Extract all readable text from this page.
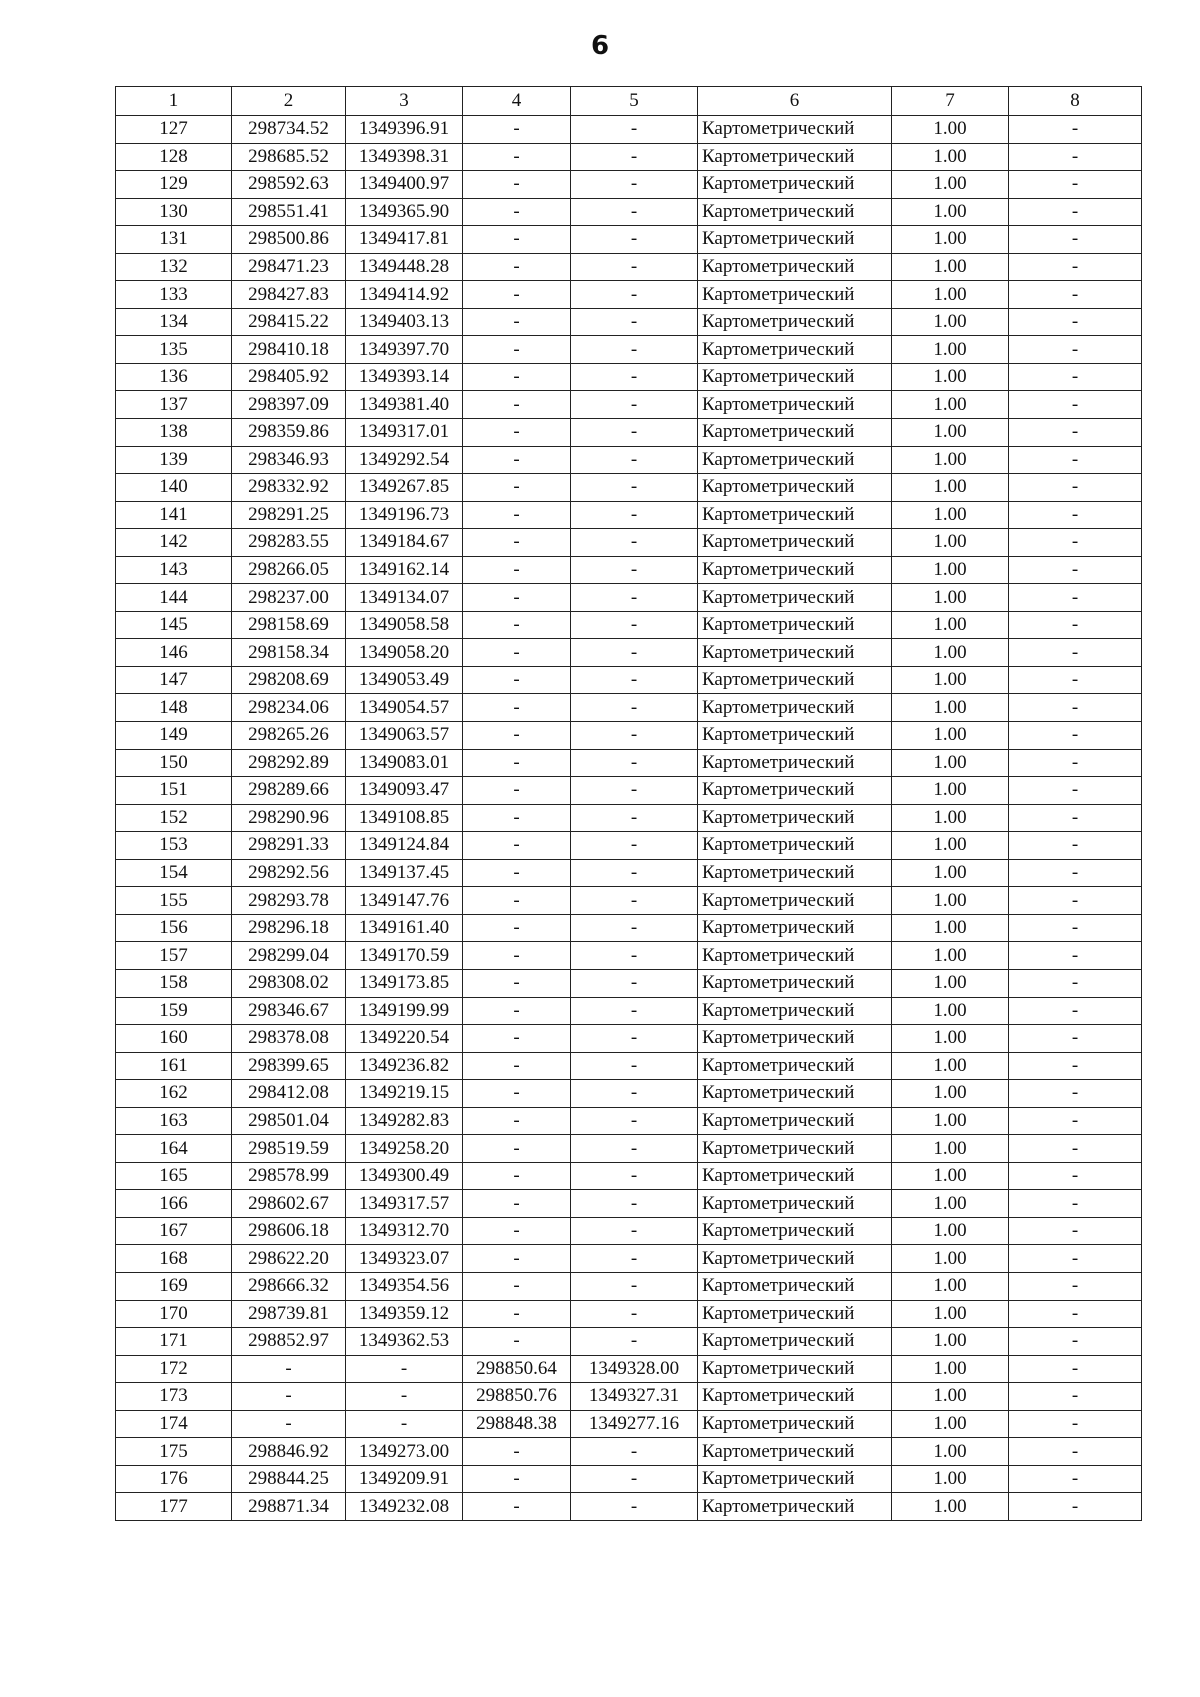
6
1	2	3	4	5	6	7	8
127	298734.52	1349396.91	-	-	Картометрический	1.00	-
128	298685.52	1349398.31	-	-	Картометрический	1.00	-
129	298592.63	1349400.97	-	-	Картометрический	1.00	-
130	298551.41	1349365.90	-	-	Картометрический	1.00	-
131	298500.86	1349417.81	-	-	Картометрический	1.00	-
132	298471.23	1349448.28	-	-	Картометрический	1.00	-
133	298427.83	1349414.92	-	-	Картометрический	1.00	-
134	298415.22	1349403.13	-	-	Картометрический	1.00	-
135	298410.18	1349397.70	-	-	Картометрический	1.00	-
136	298405.92	1349393.14	-	-	Картометрический	1.00	-
137	298397.09	1349381.40	-	-	Картометрический	1.00	-
138	298359.86	1349317.01	-	-	Картометрический	1.00	-
139	298346.93	1349292.54	-	-	Картометрический	1.00	-
140	298332.92	1349267.85	-	-	Картометрический	1.00	-
141	298291.25	1349196.73	-	-	Картометрический	1.00	-
142	298283.55	1349184.67	-	-	Картометрический	1.00	-
143	298266.05	1349162.14	-	-	Картометрический	1.00	-
144	298237.00	1349134.07	-	-	Картометрический	1.00	-
145	298158.69	1349058.58	-	-	Картометрический	1.00	-
146	298158.34	1349058.20	-	-	Картометрический	1.00	-
147	298208.69	1349053.49	-	-	Картометрический	1.00	-
148	298234.06	1349054.57	-	-	Картометрический	1.00	-
149	298265.26	1349063.57	-	-	Картометрический	1.00	-
150	298292.89	1349083.01	-	-	Картометрический	1.00	-
151	298289.66	1349093.47	-	-	Картометрический	1.00	-
152	298290.96	1349108.85	-	-	Картометрический	1.00	-
153	298291.33	1349124.84	-	-	Картометрический	1.00	-
154	298292.56	1349137.45	-	-	Картометрический	1.00	-
155	298293.78	1349147.76	-	-	Картометрический	1.00	-
156	298296.18	1349161.40	-	-	Картометрический	1.00	-
157	298299.04	1349170.59	-	-	Картометрический	1.00	-
158	298308.02	1349173.85	-	-	Картометрический	1.00	-
159	298346.67	1349199.99	-	-	Картометрический	1.00	-
160	298378.08	1349220.54	-	-	Картометрический	1.00	-
161	298399.65	1349236.82	-	-	Картометрический	1.00	-
162	298412.08	1349219.15	-	-	Картометрический	1.00	-
163	298501.04	1349282.83	-	-	Картометрический	1.00	-
164	298519.59	1349258.20	-	-	Картометрический	1.00	-
165	298578.99	1349300.49	-	-	Картометрический	1.00	-
166	298602.67	1349317.57	-	-	Картометрический	1.00	-
167	298606.18	1349312.70	-	-	Картометрический	1.00	-
168	298622.20	1349323.07	-	-	Картометрический	1.00	-
169	298666.32	1349354.56	-	-	Картометрический	1.00	-
170	298739.81	1349359.12	-	-	Картометрический	1.00	-
171	298852.97	1349362.53	-	-	Картометрический	1.00	-
172	-	-	298850.64	1349328.00	Картометрический	1.00	-
173	-	-	298850.76	1349327.31	Картометрический	1.00	-
174	-	-	298848.38	1349277.16	Картометрический	1.00	-
175	298846.92	1349273.00	-	-	Картометрический	1.00	-
176	298844.25	1349209.91	-	-	Картометрический	1.00	-
177	298871.34	1349232.08	-	-	Картометрический	1.00	-
